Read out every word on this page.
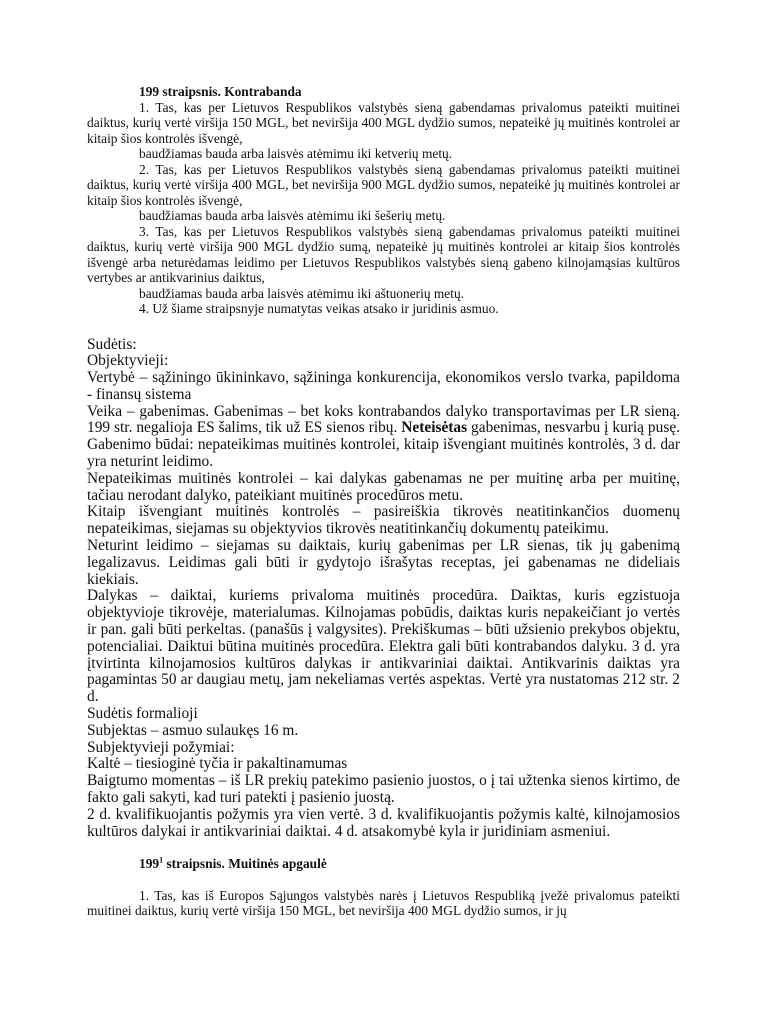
199 straipsnis. Kontrabanda

1. Tas, kas per Lietuvos Respublikos valstybės sieną gabendamas privalomus pateikti muitinei daiktus, kurių vertė viršija 150 MGL, bet neviršija 400 MGL dydžio sumos, nepateikė jų muitinės kontrolei ar kitaip šios kontrolės išvengė,

baudžiamas bauda arba laisvės atėmimu iki ketverių metų.

2. Tas, kas per Lietuvos Respublikos valstybės sieną gabendamas privalomus pateikti muitinei daiktus, kurių vertė viršija 400 MGL, bet neviršija 900 MGL dydžio sumos, nepateikė jų muitinės kontrolei ar kitaip šios kontrolės išvengė,

baudžiamas bauda arba laisvės atėmimu iki šešerių metų.

3. Tas, kas per Lietuvos Respublikos valstybės sieną gabendamas privalomus pateikti muitinei daiktus, kurių vertė viršija 900 MGL dydžio sumą, nepateikė jų muitinės kontrolei ar kitaip šios kontrolės išvengė arba neturėdamas leidimo per Lietuvos Respublikos valstybės sieną gabeno kilnojamąsias kultūros vertybes ar antikvarinius daiktus,

baudžiamas bauda arba laisvės atėmimu iki aštuonerių metų.

4. Už šiame straipsnyje numatytas veikas atsako ir juridinis asmuo.

Sudėtis:

Objektyvieji:

Vertybė – sąžiningo ūkininkavo, sąžininga konkurencija, ekonomikos verslo tvarka, papildoma - finansų sistema

Veika – gabenimas. Gabenimas – bet koks kontrabandos dalyko transportavimas per LR sieną. 199 str. negalioja ES šalims, tik už ES sienos ribų. Neteisėtas gabenimas, nesvarbu į kurią pusę. Gabenimo būdai: nepateikimas muitinės kontrolei, kitaip išvengiant muitinės kontrolės, 3 d. dar yra neturint leidimo.

Nepateikimas muitinės kontrolei – kai dalykas gabenamas ne per muitinę arba per muitinę, tačiau nerodant dalyko, pateikiant muitinės procedūros metu.

Kitaip išvengiant muitinės kontrolės – pasireiškia tikrovės neatitinkančios duomenų nepateikimas, siejamas su objektyvios tikrovės neatitinkančių dokumentų pateikimu.

Neturint leidimo – siejamas su daiktais, kurių gabenimas per LR sienas, tik jų gabenimą legalizavus. Leidimas gali būti ir gydytojo išrašytas receptas, jei gabenamas ne dideliais kiekiais.

Dalykas – daiktai, kuriems privaloma muitinės procedūra. Daiktas, kuris egzistuoja objektyvioje tikrovėje, materialumas. Kilnojamas pobūdis, daiktas kuris nepakeičiant jo vertės ir pan. gali būti perkeltas. (panašūs į valgysites). Prekiškumas – būti užsienio prekybos objektu, potencialiai. Daiktui būtina muitinės procedūra. Elektra gali būti kontrabandos dalyku. 3 d. yra įtvirtinta kilnojamosios kultūros dalykas ir antikvariniai daiktai. Antikvarinis daiktas yra pagamintas 50 ar daugiau metų, jam nekeliamas vertės aspektas. Vertė yra nustatomas 212 str. 2 d.

Sudėtis formalioji

Subjektas – asmuo sulaukęs 16 m.

Subjektyvieji požymiai:

Kaltė – tiesioginė tyčia ir pakaltinamumas

Baigtumo momentas – iš LR prekių patekimo pasienio juostos, o į tai užtenka sienos kirtimo, de fakto gali sakyti, kad turi patekti į pasienio juostą.

2 d. kvalifikuojantis požymis yra vien vertė. 3 d. kvalifikuojantis požymis kaltė, kilnojamosios kultūros dalykai ir antikvariniai daiktai. 4 d. atsakomybė kyla ir juridiniam asmeniui.

$199^1$ straipsnis. Muitinės apgaulė

1. Tas, kas iš Europos Sąjungos valstybės narės į Lietuvos Respubliką įvežė privalomus pateikti muitinei daiktus, kurių vertė viršija 150 MGL, bet neviršija 400 MGL dydžio sumos, ir jų
